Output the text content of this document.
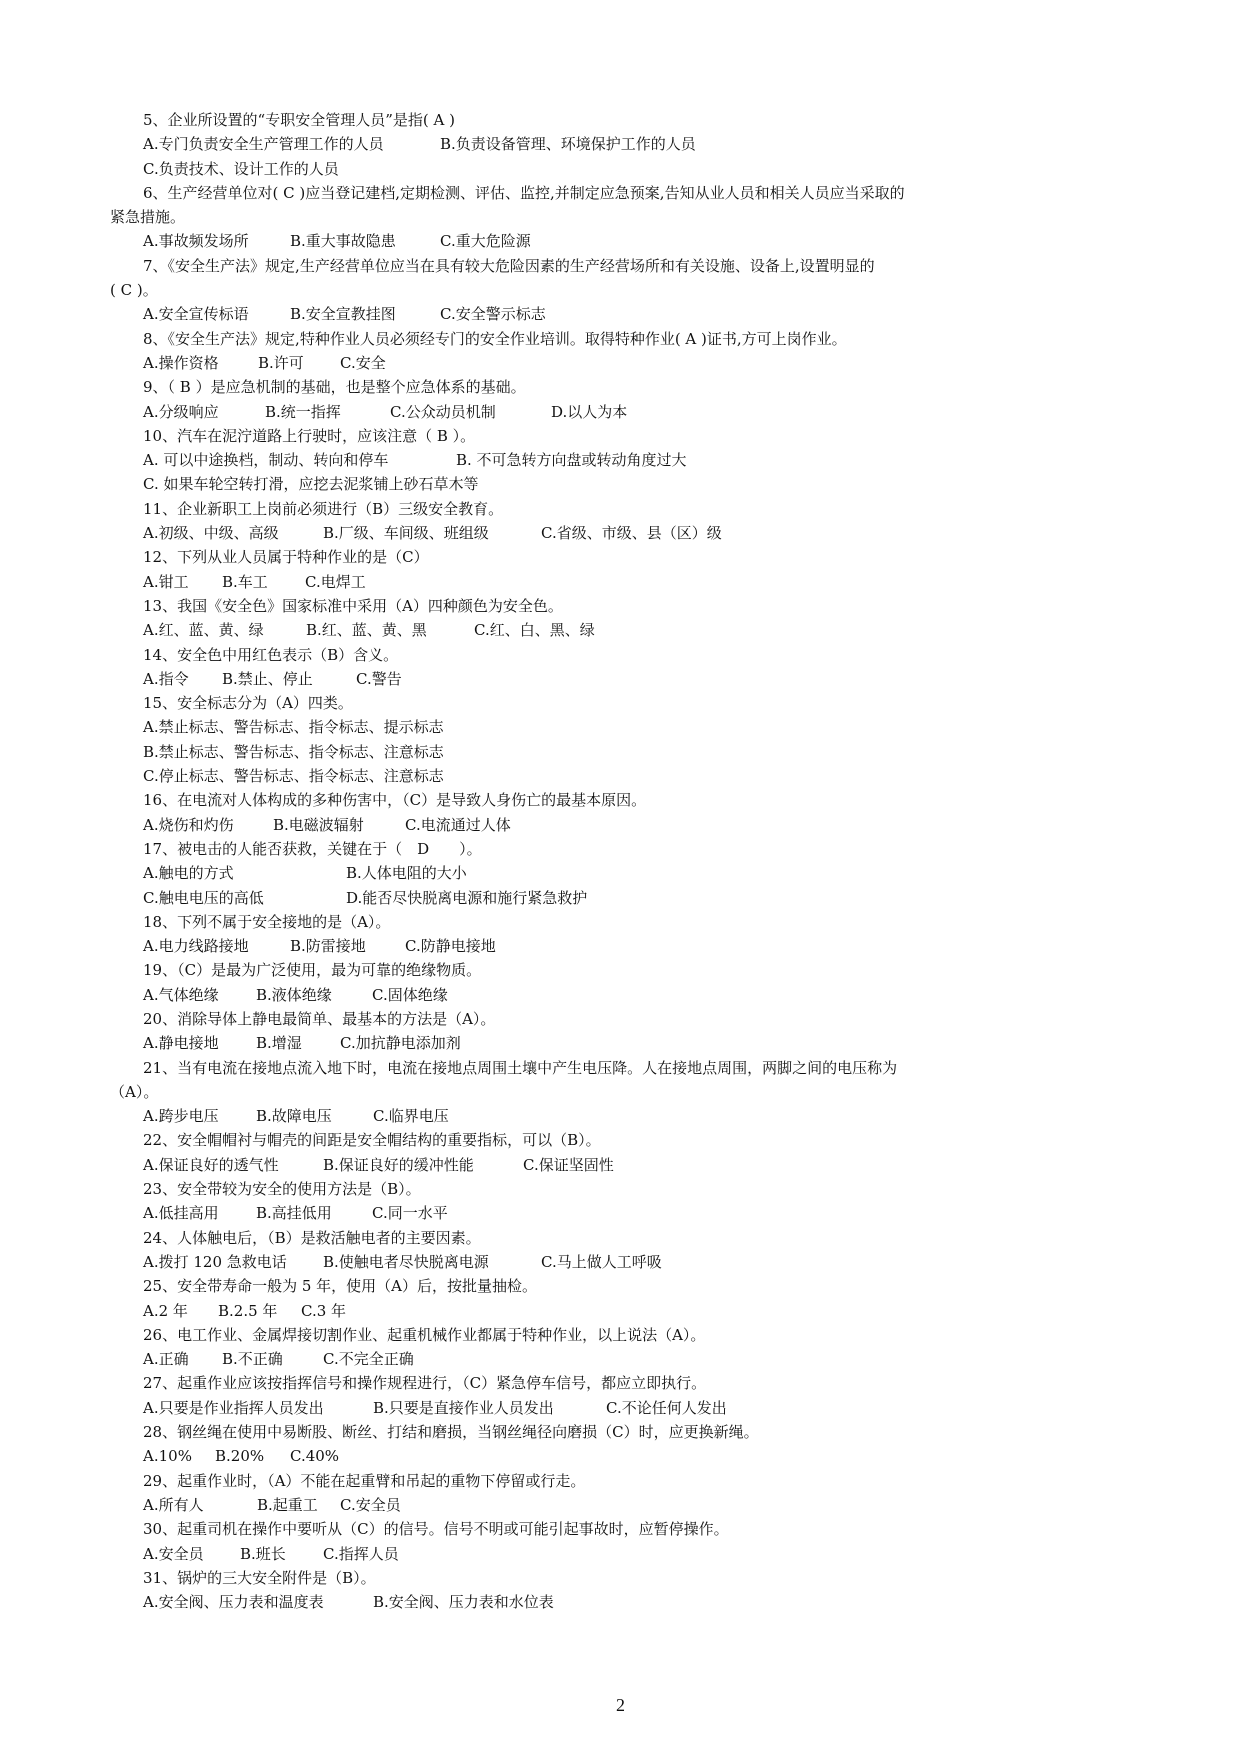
5、企业所设置的“专职安全管理人员”是指( A )
A.专门负责安全生产管理工作的人员	B.负责设备管理、环境保护工作的人员
C.负责技术、设计工作的人员
6、生产经营单位对( C )应当登记建档,定期检测、评估、监控,并制定应急预案,告知从业人员和相关人员应当采取的
紧急措施。
A.事故频发场所	B.重大事故隐患	C.重大危险源
7、《安全生产法》规定,生产经营单位应当在具有较大危险因素的生产经营场所和有关设施、设备上,设置明显的
( C )。
A.安全宣传标语	B.安全宣教挂图	C.安全警示标志
8、《安全生产法》规定,特种作业人员必须经专门的安全作业培训。取得特种作业( A )证书,方可上岗作业。
A.操作资格	B.许可 C.安全
9、（ B ）是应急机制的基础，也是整个应急体系的基础。
A.分级响应	B.统一指挥	C.公众动员机制	D.以人为本
10、汽车在泥泞道路上行驶时，应该注意（ B ）。
A. 可以中途换档，制动、转向和停车	B. 不可急转方向盘或转动角度过大
C. 如果车轮空转打滑，应挖去泥浆铺上砂石草木等
11、企业新职工上岗前必须进行（B）三级安全教育。
A.初级、中级、高级	B.厂级、车间级、班组级	C.省级、市级、县（区）级
12、下列从业人员属于特种作业的是（C）
A.钳工 B.车工 C.电焊工
13、我国《安全色》国家标准中采用（A）四种颜色为安全色。
A.红、蓝、黄、绿	B.红、蓝、黄、黑	C.红、白、黑、绿
14、安全色中用红色表示（B）含义。
A.指令 B.禁止、停止	C.警告
15、安全标志分为（A）四类。
A.禁止标志、警告标志、指令标志、提示标志
B.禁止标志、警告标志、指令标志、注意标志
C.停止标志、警告标志、指令标志、注意标志
16、在电流对人体构成的多种伤害中，（C）是导致人身伤亡的最基本原因。
A.烧伤和灼伤	B.电磁波辐射	C.电流通过人体
17、被电击的人能否获救，关键在于（　D　　）。
A.触电的方式	B.人体电阻的大小
C.触电电压的高低	D.能否尽快脱离电源和施行紧急救护
18、下列不属于安全接地的是（A）。
A.电力线路接地	B.防雷接地	C.防静电接地
19、（C）是最为广泛使用，最为可靠的绝缘物质。
A.气体绝缘 B.液体绝缘	C.固体绝缘
20、消除导体上静电最简单、最基本的方法是（A）。
A.静电接地 B.增湿	C.加抗静电添加剂
21、当有电流在接地点流入地下时，电流在接地点周围土壤中产生电压降。人在接地点周围，两脚之间的电压称为
（A）。
A.跨步电压 B.故障电压	C.临界电压
22、安全帽帽衬与帽壳的间距是安全帽结构的重要指标，可以（B）。
A.保证良好的透气性	B.保证良好的缓冲性能	C.保证坚固性
23、安全带较为安全的使用方法是（B）。
A.低挂高用 B.高挂低用	C.同一水平
24、人体触电后，（B）是救活触电者的主要因素。
A.拨打 120 急救电话 B.使触电者尽快脱离电源	C.马上做人工呼吸
25、安全带寿命一般为 5 年，使用（A）后，按批量抽检。
A.2 年 B.2.5 年 C.3 年
26、电工作业、金属焊接切割作业、起重机械作业都属于特种作业，以上说法（A）。
A.正确 B.不正确	C.不完全正确
27、起重作业应该按指挥信号和操作规程进行，（C）紧急停车信号，都应立即执行。
A.只要是作业指挥人员发出	B.只要是直接作业人员发出	C.不论任何人发出
28、钢丝绳在使用中易断股、断丝、打结和磨损，当钢丝绳径向磨损（C）时，应更换新绳。
A.10% B.20% C.40%
29、起重作业时，（A）不能在起重臂和吊起的重物下停留或行走。
A.所有人	B.起重工 C.安全员
30、起重司机在操作中要听从（C）的信号。信号不明或可能引起事故时，应暂停操作。
A.安全员 B.班长 C.指挥人员
31、锅炉的三大安全附件是（B）。
A.安全阀、压力表和温度表	B.安全阀、压力表和水位表
2
